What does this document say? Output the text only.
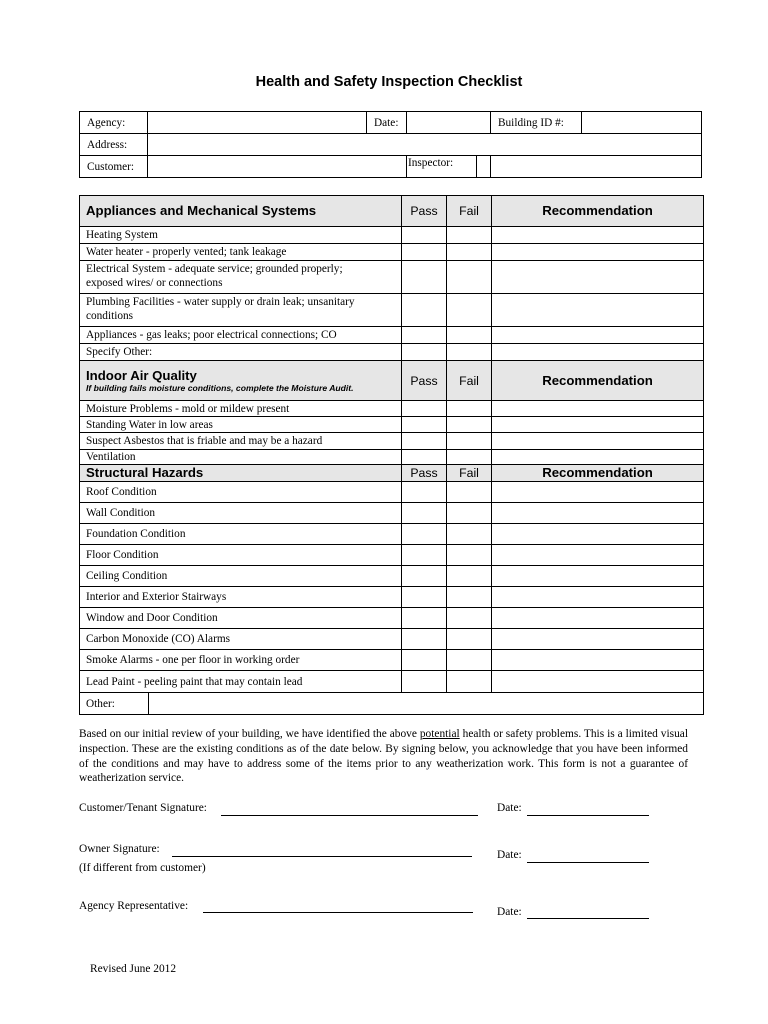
Health and Safety Inspection Checklist
Agency:		Date:		Building ID #:	
Address:					
Customer:			Inspector:		

Appliances and Mechanical Systems		Pass	Fail	Recommendation
Heating System				
Water heater - properly vented; tank leakage				
Electrical System - adequate service; grounded properly; exposed wires/ or connections				
Plumbing Facilities - water supply or drain leak; unsanitary conditions				
Appliances - gas leaks; poor electrical connections; CO				
Specify Other:				
Indoor Air Quality
If building fails moisture conditions, complete the Moisture Audit.		Pass	Fail	Recommendation
Moisture Problems - mold or mildew present				
Standing Water in low areas				
Suspect Asbestos that is friable and may be a hazard				
Ventilation				
Structural Hazards		Pass	Fail	Recommendation
Roof Condition				
Wall Condition				
Foundation Condition				
Floor Condition				
Ceiling Condition				
Interior and Exterior Stairways				
Window and Door Condition				
Carbon Monoxide (CO) Alarms				
Smoke Alarms - one per floor in working order				
Lead Paint - peeling paint that may contain lead				
Other:				
Based on our initial review of your building, we have identified the above potential health or safety problems. This is a limited visual inspection. These are the existing conditions as of the date below. By signing below, you acknowledge that you have been informed of the conditions and may have to address some of the items prior to any weatherization work. This form is not a guarantee of weatherization service.
Customer/Tenant Signature:	Date:
Owner Signature:
(If different from customer)
Date:
Agency Representative:	Date:
Revised June 2012
